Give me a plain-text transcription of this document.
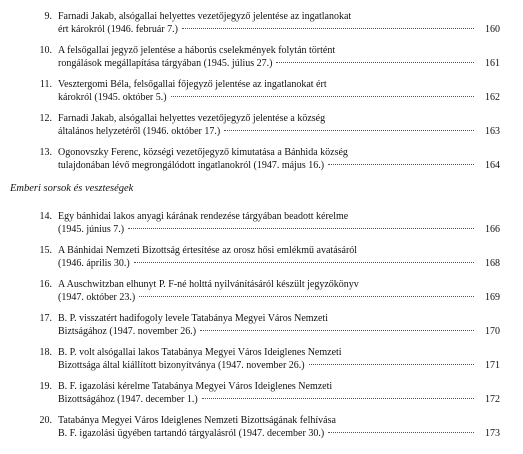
Emberi sorsok és veszteségek
9. Farnadi Jakab, alsógallai helyettes vezetőjegyző jelentése az ingatlanokat
ért károkról (1946. február 7.)	160
10. A felsőgallai jegyző jelentése a háborús cselekmények folytán történt
rongálások megállapítása tárgyában (1945. július 27.)	161
11. Vesztergomi Béla, felsőgallai főjegyző jelentése az ingatlanokat ért
károkról (1945. október 5.)	162
12. Farnadi Jakab, alsógallai helyettes vezetőjegyző jelentése a község
általános helyzetéről (1946. október 17.)	163
13. Ogonovszky Ferenc, községi vezetőjegyző kimutatása a Bánhida község
tulajdonában lévő megrongálódott ingatlanokról (1947. május 16.)	164
14. Egy bánhidai lakos anyagi kárának rendezése tárgyában beadott kérelme
(1945. június 7.)	166
15. A Bánhidai Nemzeti Bizottság értesítése az orosz hősi emlékmű avatásáról
(1946. április 30.)	168
16. A Auschwitzban elhunyt P. F-né holttá nyilvánításáról készült jegyzőkönyv
(1947. október 23.)	169
17. B. P. visszatért hadifogoly levele Tatabánya Megyei Város Nemzeti
Biztságához (1947. november 26.)	170
18. B. P. volt alsógallai lakos Tatabánya Megyei Város Ideiglenes Nemzeti
Bizottsága által kiállított bizonyítványa (1947. november 26.)	171
19. B. F. igazolási kérelme Tatabánya Megyei Város Ideiglenes Nemzeti
Bizottságához (1947. december 1.)	172
20. Tatabánya Megyei Város Ideiglenes Nemzeti Bizottságának felhívása
B. F. igazolási ügyében tartandó tárgyalásról (1947. december 30.)	173
